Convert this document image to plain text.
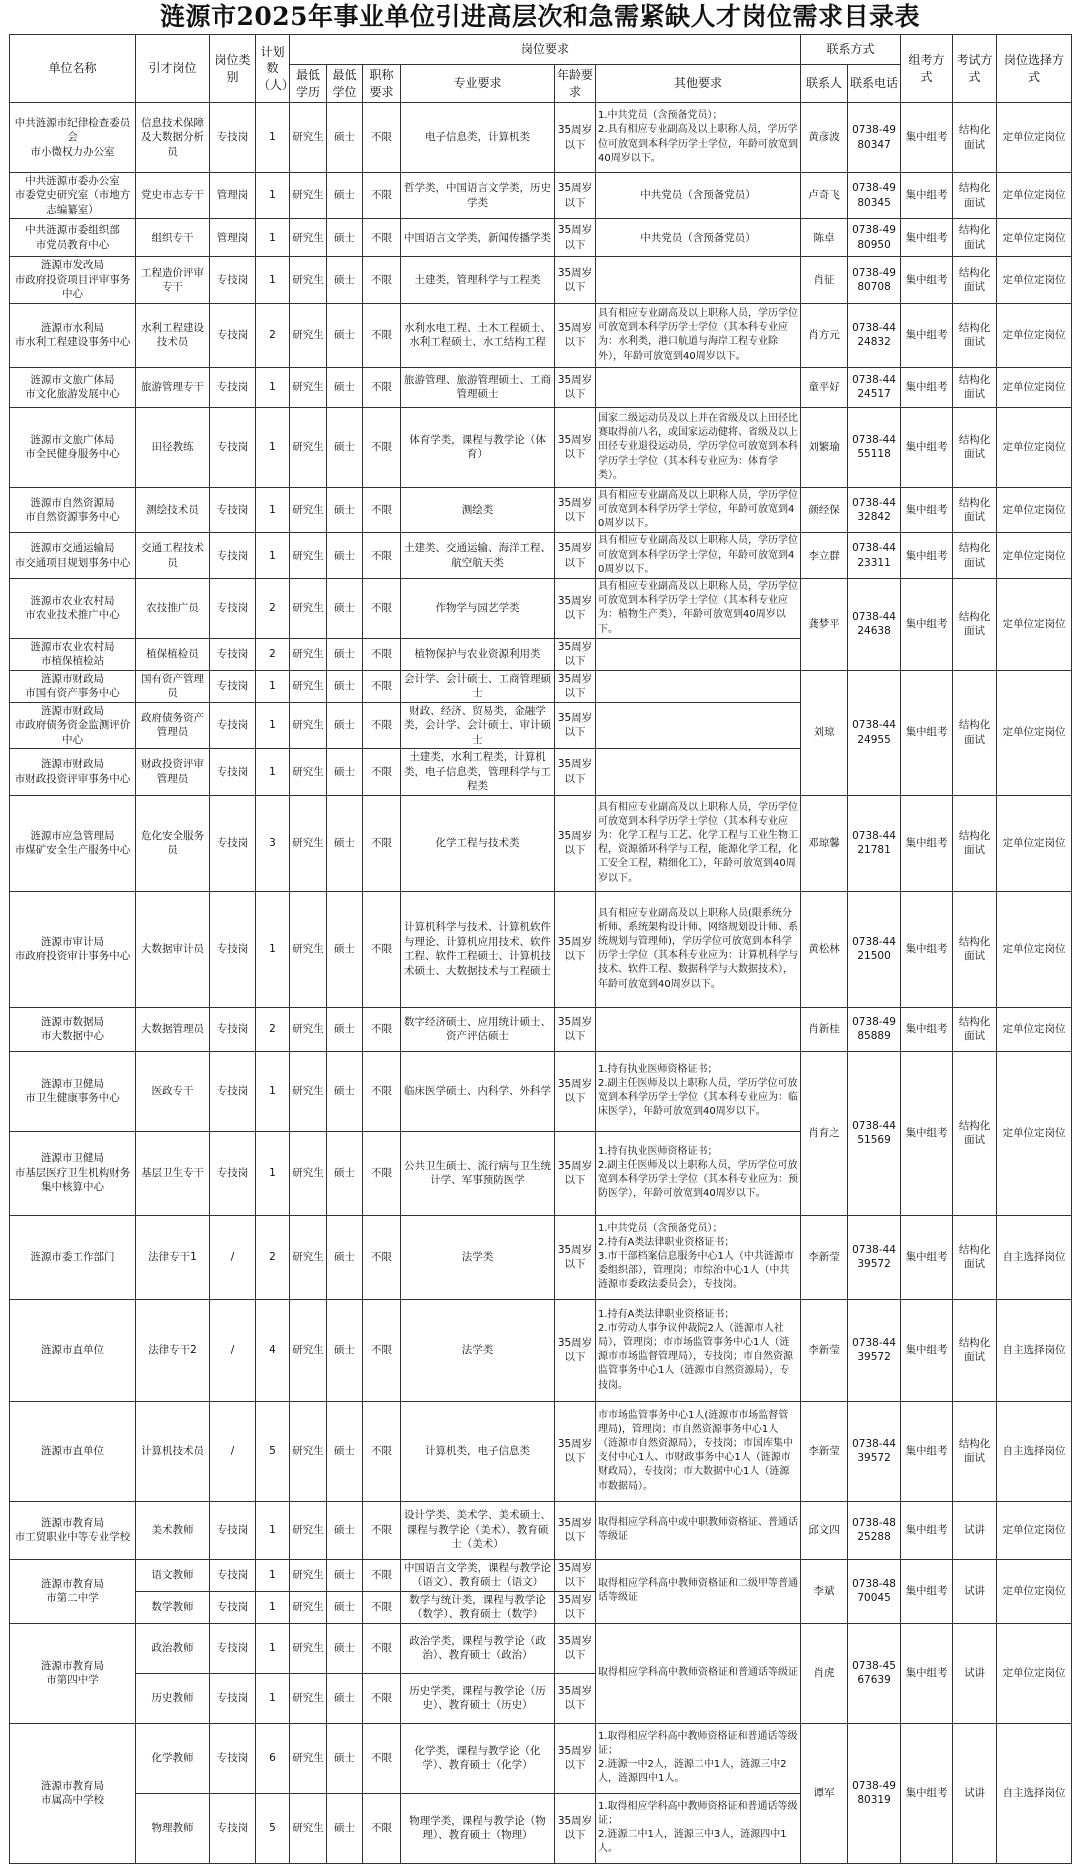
涟源市2025年事业单位引进高层次和急需紧缺人才岗位需求目录表
单位名称	引才岗位	岗位类别	计划数（人）	岗位要求						联系方式		组考方式	考试方式	岗位选择方式
				最低学历	最低学位	职称要求	专业要求	年龄要求	其他要求	联系人	联系电话			

中共涟源市纪律检查委员会
市小微权力办公室	信息技术保障及大数据分析员	专技岗	1	研究生	硕士	不限	电子信息类，计算机类	35周岁以下	1.中共党员（含预备党员）；
2.具有相应专业副高及以上职称人员，学历学位可放宽到本科学历学士学位，年龄可放宽到40周岁以下。	黄彦波	0738-4980347	集中组考	结构化面试	定单位定岗位

中共涟源市委办公室
市委党史研究室（市地方志编纂室）	党史市志专干	管理岗	1	研究生	硕士	不限	哲学类，中国语言文学类，历史学类	35周岁以下	中共党员（含预备党员）	卢奇飞	0738-4980345	集中组考	结构化面试	定单位定岗位

中共涟源市委组织部
市党员教育中心	组织专干	管理岗	1	研究生	硕士	不限	中国语言文学类，新闻传播学类	35周岁以下	中共党员（含预备党员）	陈卓	0738-4980950	集中组考	结构化面试	定单位定岗位

涟源市发改局
市政府投资项目评审事务中心	工程造价评审专干	专技岗	1	研究生	硕士	不限	土建类，管理科学与工程类	35周岁以下		肖征	0738-4980708	集中组考	结构化面试	定单位定岗位

涟源市水利局
市水利工程建设事务中心	水利工程建设技术员	专技岗	2	研究生	硕士	不限	水利水电工程、土木工程硕士、水利工程硕士、水工结构工程	35周岁以下	具有相应专业副高及以上职称人员，学历学位可放宽到本科学历学士学位（其本科专业应为：水利类，港口航道与海岸工程专业除外），年龄可放宽到40周岁以下。	肖方元	0738-4424832	集中组考	结构化面试	定单位定岗位

涟源市文旅广体局
市文化旅游发展中心	旅游管理专干	专技岗	1	研究生	硕士	不限	旅游管理、旅游管理硕士、工商管理硕士	35周岁以下		童平好	0738-4424517	集中组考	结构化面试	定单位定岗位

涟源市文旅广体局
市全民健身服务中心	田径教练	专技岗	1	研究生	硕士	不限	体育学类，课程与教学论（体育）	35周岁以下	国家二级运动员及以上并在省级及以上田径比赛取得前八名，或国家运动健将、省级及以上田径专业退役运动员，学历学位可放宽到本科学历学士学位（其本科专业应为：体育学类）。	刘繁瑜	0738-4455118	集中组考	结构化面试	定单位定岗位

涟源市自然资源局
市自然资源事务中心	测绘技术员	专技岗	1	研究生	硕士	不限	测绘类	35周岁以下	具有相应专业副高及以上职称人员，学历学位可放宽到本科学历学士学位，年龄可放宽到40周岁以下。	颜经保	0738-4432842	集中组考	结构化面试	定单位定岗位

涟源市交通运输局
市交通项目规划事务中心	交通工程技术员	专技岗	1	研究生	硕士	不限	土建类、交通运输、海洋工程、航空航天类	35周岁以下	具有相应专业副高及以上职称人员，学历学位可放宽到本科学历学士学位，年龄可放宽到40周岁以下。	李立群	0738-4423311	集中组考	结构化面试	定单位定岗位

涟源市农业农村局
市农业技术推广中心	农技推广员	专技岗	2	研究生	硕士	不限	作物学与园艺学类	35周岁以下	具有相应专业副高及以上职称人员，学历学位可放宽到本科学历学士学位（其本科专业应为：植物生产类），年龄可放宽到40周岁以下。	龚梦平	0738-4424638	集中组考	结构化面试	定单位定岗位

涟源市农业农村局
市植保植检站	植保植检员	专技岗	2	研究生	硕士	不限	植物保护与农业资源利用类	35周岁以下						

涟源市财政局
市国有资产事务中心	国有资产管理员	专技岗	1	研究生	硕士	不限	会计学、会计硕士、工商管理硕士	35周岁以下		刘琼	0738-4424955	集中组考	结构化面试	定单位定岗位

涟源市财政局
市政府债务资金监测评价中心	政府债务资产管理员	专技岗	1	研究生	硕士	不限	财政、经济、贸易类，金融学类，会计学、会计硕士、审计硕士	35周岁以下						

涟源市财政局
市财政投资评审事务中心	财政投资评审管理员	专技岗	1	研究生	硕士	不限	土建类，水利工程类，计算机类，电子信息类，管理科学与工程类	35周岁以下						

涟源市应急管理局
市煤矿安全生产服务中心	危化安全服务员	专技岗	3	研究生	硕士	不限	化学工程与技术类	35周岁以下	具有相应专业副高及以上职称人员，学历学位可放宽到本科学历学士学位（其本科专业应为：化学工程与工艺、化学工程与工业生物工程，资源循环科学与工程，能源化学工程，化工安全工程，精细化工），年龄可放宽到40周岁以下。	邓琼馨	0738-4421781	集中组考	结构化面试	定单位定岗位

涟源市审计局
市政府投资审计事务中心	大数据审计员	专技岗	1	研究生	硕士	不限	计算机科学与技术、计算机软件与理论、计算机应用技术、软件工程、软件工程硕士、计算机技术硕士、大数据技术与工程硕士	35周岁以下	具有相应专业副高及以上职称人员(限系统分析师、系统架构设计师、网络规划设计师、系统规划与管理师)，学历学位可放宽到本科学历学士学位（其本科专业应为：计算机科学与技术、软件工程、数据科学与大数据技术），年龄可放宽到40周岁以下。	黄松林	0738-4421500	集中组考	结构化面试	定单位定岗位

涟源市数据局
市大数据中心	大数据管理员	专技岗	2	研究生	硕士	不限	数字经济硕士、应用统计硕士、资产评估硕士	35周岁以下		肖新桂	0738-4985889	集中组考	结构化面试	定单位定岗位

涟源市卫健局
市卫生健康事务中心	医政专干	专技岗	1	研究生	硕士	不限	临床医学硕士、内科学、外科学	35周岁以下	1.持有执业医师资格证书；
2.副主任医师及以上职称人员，学历学位可放宽到本科学历学士学位（其本科专业应为：临床医学），年龄可放宽到40周岁以下。	肖育之	0738-4451569	集中组考	结构化面试	定单位定岗位

涟源市卫健局
市基层医疗卫生机构财务集中核算中心	基层卫生专干	专技岗	1	研究生	硕士	不限	公共卫生硕士、流行病与卫生统计学、军事预防医学	35周岁以下	1.持有执业医师资格证书；
2.副主任医师及以上职称人员，学历学位可放宽到本科学历学士学位（其本科专业应为：预防医学），年龄可放宽到40周岁以下。					

涟源市委工作部门	法律专干1	/	2	研究生	硕士	不限	法学类	35周岁以下	1.中共党员（含预备党员）；
2.持有A类法律职业资格证书；
3.市干部档案信息服务中心1人（中共涟源市委组织部），管理岗；市综治中心1人（中共涟源市委政法委员会），专技岗。	李新莹	0738-4439572	集中组考	结构化面试	自主选择岗位

涟源市直单位	法律专干2	/	4	研究生	硕士	不限	法学类	35周岁以下	1.持有A类法律职业资格证书；
2.市劳动人事争议仲裁院2人（涟源市人社局），管理岗；市市场监管事务中心1人（涟源市市场监督管理局），专技岗；市自然资源监管事务中心1人（涟源市自然资源局），专技岗。	李新莹	0738-4439572	集中组考	结构化面试	自主选择岗位

涟源市直单位	计算机技术员	/	5	研究生	硕士	不限	计算机类，电子信息类	35周岁以下	市市场监管事务中心1人(涟源市市场监督管理局)，管理岗；市自然资源事务中心1人（涟源市自然资源局），专技岗；市国库集中支付中心1人、市财政事务中心1人（涟源市财政局），专技岗；市大数据中心1人（涟源市数据局）。	李新莹	0738-4439572	集中组考	结构化面试	自主选择岗位

涟源市教育局
市工贸职业中等专业学校	美术教师	专技岗	1	研究生	硕士	不限	设计学类、美术学、美术硕士、课程与教学论（美术）、教育硕士（美术）	35周岁以下	取得相应学科高中或中职教师资格证、普通话等级证	邱文四	0738-4825288	集中组考	试讲	定单位定岗位

涟源市教育局
市第二中学	语文教师	专技岗	1	研究生	硕士	不限	中国语言文学类，课程与教学论（语文）、教育硕士（语文）	35周岁以下	取得相应学科高中教师资格证和二级甲等普通话等级证	李斌	0738-4870045	集中组考	试讲	定单位定岗位
	数学教师	专技岗	1	研究生	硕士	不限	数学与统计类，课程与教学论（数学）、教育硕士（数学）	35周岁以下						

涟源市教育局
市第四中学	政治教师	专技岗	1	研究生	硕士	不限	政治学类，课程与教学论（政治）、教育硕士（政治）	35周岁以下	取得相应学科高中教师资格证和普通话等级证	肖虎	0738-4567639	集中组考	试讲	定单位定岗位
	历史教师	专技岗	1	研究生	硕士	不限	历史学类，课程与教学论（历史）、教育硕士（历史）	35周岁以下						

涟源市教育局
市属高中学校	化学教师	专技岗	6	研究生	硕士	不限	化学类，课程与教学论（化学）、教育硕士（化学）	35周岁以下	1.取得相应学科高中教师资格证和普通话等级证；
2.涟源一中2人，涟源二中1人，涟源三中2人，涟源四中1人。	谭军	0738-4980319	集中组考	试讲	自主选择岗位
	物理教师	专技岗	5	研究生	硕士	不限	物理学类，课程与教学论（物理）、教育硕士（物理）	35周岁以下	1.取得相应学科高中教师资格证和普通话等级证；
2.涟源二中1人，涟源三中3人，涟源四中1人。					
